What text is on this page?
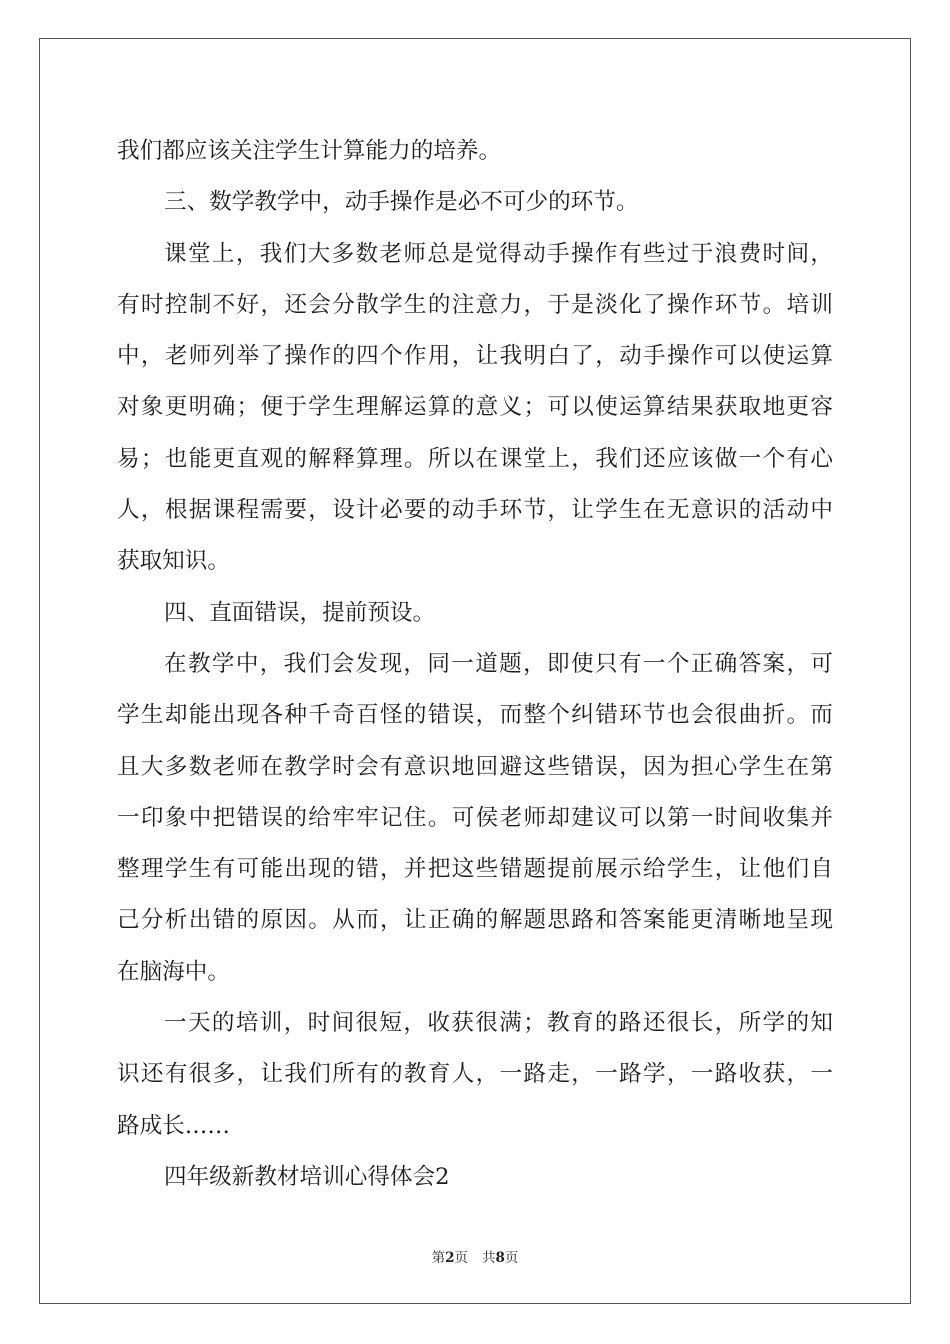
我们都应该关注学生计算能力的培养。
三、数学教学中，动手操作是必不可少的环节。
课堂上，我们大多数老师总是觉得动手操作有些过于浪费时间，
有时控制不好，还会分散学生的注意力，于是淡化了操作环节。培训
中，老师列举了操作的四个作用，让我明白了，动手操作可以使运算
对象更明确；便于学生理解运算的意义；可以使运算结果获取地更容
易；也能更直观的解释算理。所以在课堂上，我们还应该做一个有心
人，根据课程需要，设计必要的动手环节，让学生在无意识的活动中
获取知识。
四、直面错误，提前预设。
在教学中，我们会发现，同一道题，即使只有一个正确答案，可
学生却能出现各种千奇百怪的错误，而整个纠错环节也会很曲折。而
且大多数老师在教学时会有意识地回避这些错误，因为担心学生在第
一印象中把错误的给牢牢记住。可侯老师却建议可以第一时间收集并
整理学生有可能出现的错，并把这些错题提前展示给学生，让他们自
己分析出错的原因。从而，让正确的解题思路和答案能更清晰地呈现
在脑海中。
一天的培训，时间很短，收获很满；教育的路还很长，所学的知
识还有很多，让我们所有的教育人，一路走，一路学，一路收获，一
路成长……
四年级新教材培训心得体会2
第2页 共8页
